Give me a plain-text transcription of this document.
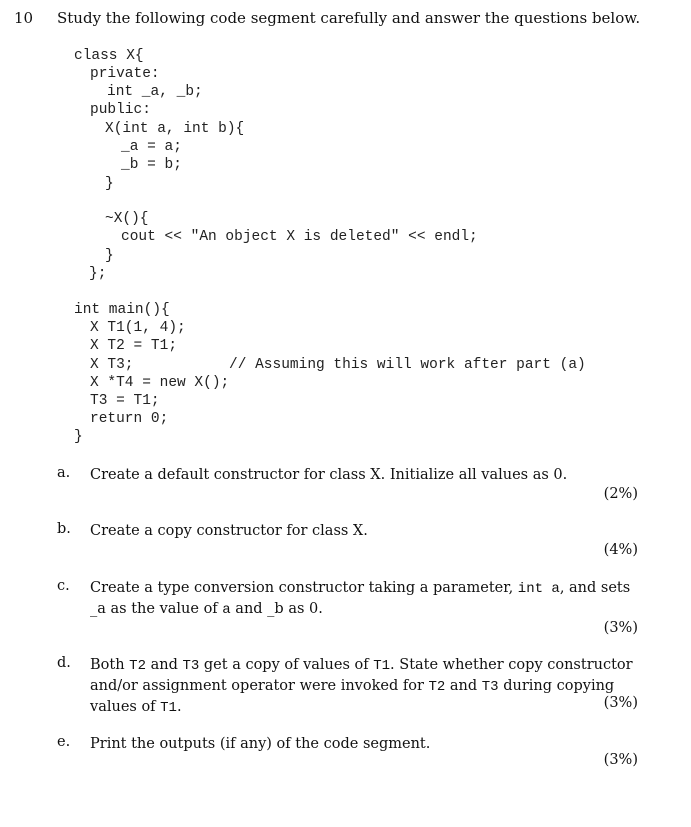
10 Study the following code segment carefully and answer the questions below.

class X{

private:

int _a, _b;

public:

X(int a, int b){

_a = a;

_b = b;

}

~X(){

cout << "An object X is deleted" << endl;

}

};

int main(){

X T1(1, 4);

X T2 = T1;

X T3;

	// Assuming this will work after part (a)

X *T4 = new X();

T3 = T1;

return 0;

}

a. Create a default constructor for class X. Initialize all values as 0.
(2%)
b. Create a copy constructor for class X.
(4%)
c. Create a type conversion constructor taking a parameter, int a, and sets _a as the value of a and _b as 0.
(3%)
d. Both T2 and T3 get a copy of values of T1. State whether copy constructor and/or assignment operator were invoked for T2 and T3 during copying values of T1.	(3%)
e. Print the outputs (if any) of the code segment.
(3%)
